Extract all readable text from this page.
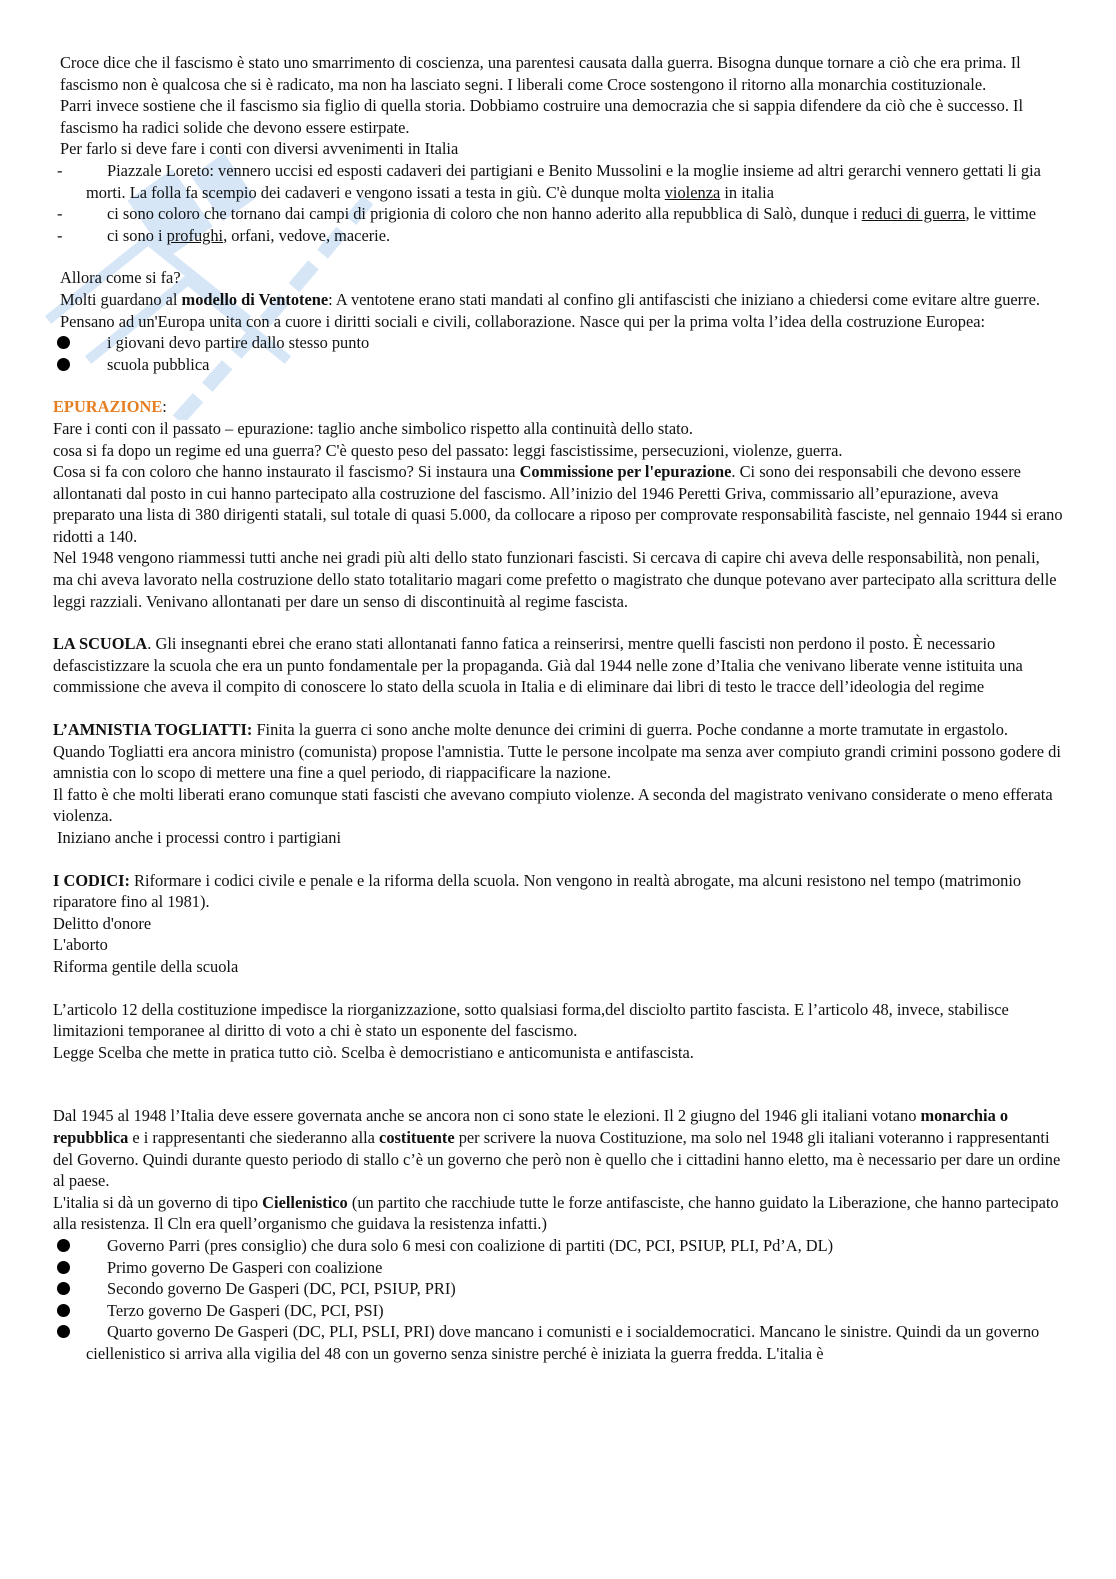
Croce dice che il fascismo è stato uno smarrimento di coscienza, una parentesi causata dalla guerra. Bisogna dunque tornare a ciò che era prima. Il fascismo non è qualcosa che si è radicato, ma non ha lasciato segni. I liberali come Croce sostengono il ritorno alla monarchia costituzionale.

Parri invece sostiene che il fascismo sia figlio di quella storia. Dobbiamo costruire una democrazia che si sappia difendere da ciò che è successo. Il fascismo ha radici solide che devono essere estirpate.

Per farlo si deve fare i conti con diversi avvenimenti in Italia

-	Piazzale Loreto: vennero uccisi ed esposti cadaveri dei partigiani e Benito Mussolini e la moglie insieme ad altri gerarchi vennero gettati li gia morti. La folla fa scempio dei cadaveri e vengono issati a testa in giù. C'è dunque molta violenza in italia
-	ci sono coloro che tornano dai campi di prigionia di coloro che non hanno aderito alla repubblica di Salò, dunque i reduci di guerra, le vittime
-	ci sono i profughi, orfani, vedove, macerie.

Allora come si fa?

Molti guardano al modello di Ventotene: A ventotene erano stati mandati al confino gli antifascisti che iniziano a chiedersi come evitare altre guerre. Pensano ad un'Europa unita con a cuore i diritti sociali e civili, collaborazione. Nasce qui per la prima volta l’idea della costruzione Europea:

i giovani devo partire dallo stesso punto
scuola pubblica

EPURAZIONE:

Fare i conti con il passato – epurazione: taglio anche simbolico rispetto alla continuità dello stato.

cosa si fa dopo un regime ed una guerra? C'è questo peso del passato: leggi fascistissime, persecuzioni, violenze, guerra.

Cosa si fa con coloro che hanno instaurato il fascismo? Si instaura una Commissione per l'epurazione. Ci sono dei responsabili che devono essere allontanati dal posto in cui hanno partecipato alla costruzione del fascismo. All’inizio del 1946 Peretti Griva, commissario all’epurazione, aveva preparato una lista di 380 dirigenti statali, sul totale di quasi 5.000, da collocare a riposo per comprovate responsabilità fasciste, nel gennaio 1944 si erano ridotti a 140.

Nel 1948 vengono riammessi tutti anche nei gradi più alti dello stato funzionari fascisti. Si cercava di capire chi aveva delle responsabilità, non penali, ma chi aveva lavorato nella costruzione dello stato totalitario magari come prefetto o magistrato che dunque potevano aver partecipato alla scrittura delle leggi razziali. Venivano allontanati per dare un senso di discontinuità al regime fascista.

LA SCUOLA. Gli insegnanti ebrei che erano stati allontanati fanno fatica a reinserirsi, mentre quelli fascisti non perdono il posto. È necessario defascistizzare la scuola che era un punto fondamentale per la propaganda. Già dal 1944 nelle zone d’Italia che venivano liberate venne istituita una commissione che aveva il compito di conoscere lo stato della scuola in Italia e di eliminare dai libri di testo le tracce dell’ideologia del regime

L’AMNISTIA TOGLIATTI: Finita la guerra ci sono anche molte denunce dei crimini di guerra. Poche condanne a morte tramutate in ergastolo. Quando Togliatti era ancora ministro (comunista) propose l'amnistia. Tutte le persone incolpate ma senza aver compiuto grandi crimini possono godere di amnistia con lo scopo di mettere una fine a quel periodo, di riappacificare la nazione.

Il fatto è che molti liberati erano comunque stati fascisti che avevano compiuto violenze. A seconda del magistrato venivano considerate o meno efferata violenza.

Iniziano anche i processi contro i partigiani

I CODICI: Riformare i codici civile e penale e la riforma della scuola. Non vengono in realtà abrogate, ma alcuni resistono nel tempo (matrimonio riparatore fino al 1981).

Delitto d'onore

L'aborto

Riforma gentile della scuola

L’articolo 12 della costituzione impedisce la riorganizzazione, sotto qualsiasi forma,del disciolto partito fascista. E l’articolo 48, invece, stabilisce limitazioni temporanee al diritto di voto a chi è stato un esponente del fascismo.

Legge Scelba che mette in pratica tutto ciò. Scelba è democristiano e anticomunista e antifascista.

Dal 1945 al 1948 l’Italia deve essere governata anche se ancora non ci sono state le elezioni. Il 2 giugno del 1946 gli italiani votano monarchia o repubblica e i rappresentanti che siederanno alla costituente per scrivere la nuova Costituzione, ma solo nel 1948 gli italiani voteranno i rappresentanti del Governo. Quindi durante questo periodo di stallo c’è un governo che però non è quello che i cittadini hanno eletto, ma è necessario per dare un ordine al paese.

L'italia si dà un governo di tipo Ciellenistico (un partito che racchiude tutte le forze antifasciste, che hanno guidato la Liberazione, che hanno partecipato alla resistenza. Il Cln era quell’organismo che guidava la resistenza infatti.)

Governo Parri (pres consiglio) che dura solo 6 mesi con coalizione di partiti (DC, PCI, PSIUP, PLI, Pd’A, DL)
Primo governo De Gasperi con coalizione
Secondo governo De Gasperi (DC, PCI, PSIUP, PRI)
Terzo governo De Gasperi (DC, PCI, PSI)
Quarto governo De Gasperi (DC, PLI, PSLI, PRI) dove mancano i comunisti e i socialdemocratici. Mancano le sinistre. Quindi da un governo ciellenistico si arriva alla vigilia del 48 con un governo senza sinistre perché è iniziata la guerra fredda. L'italia è
